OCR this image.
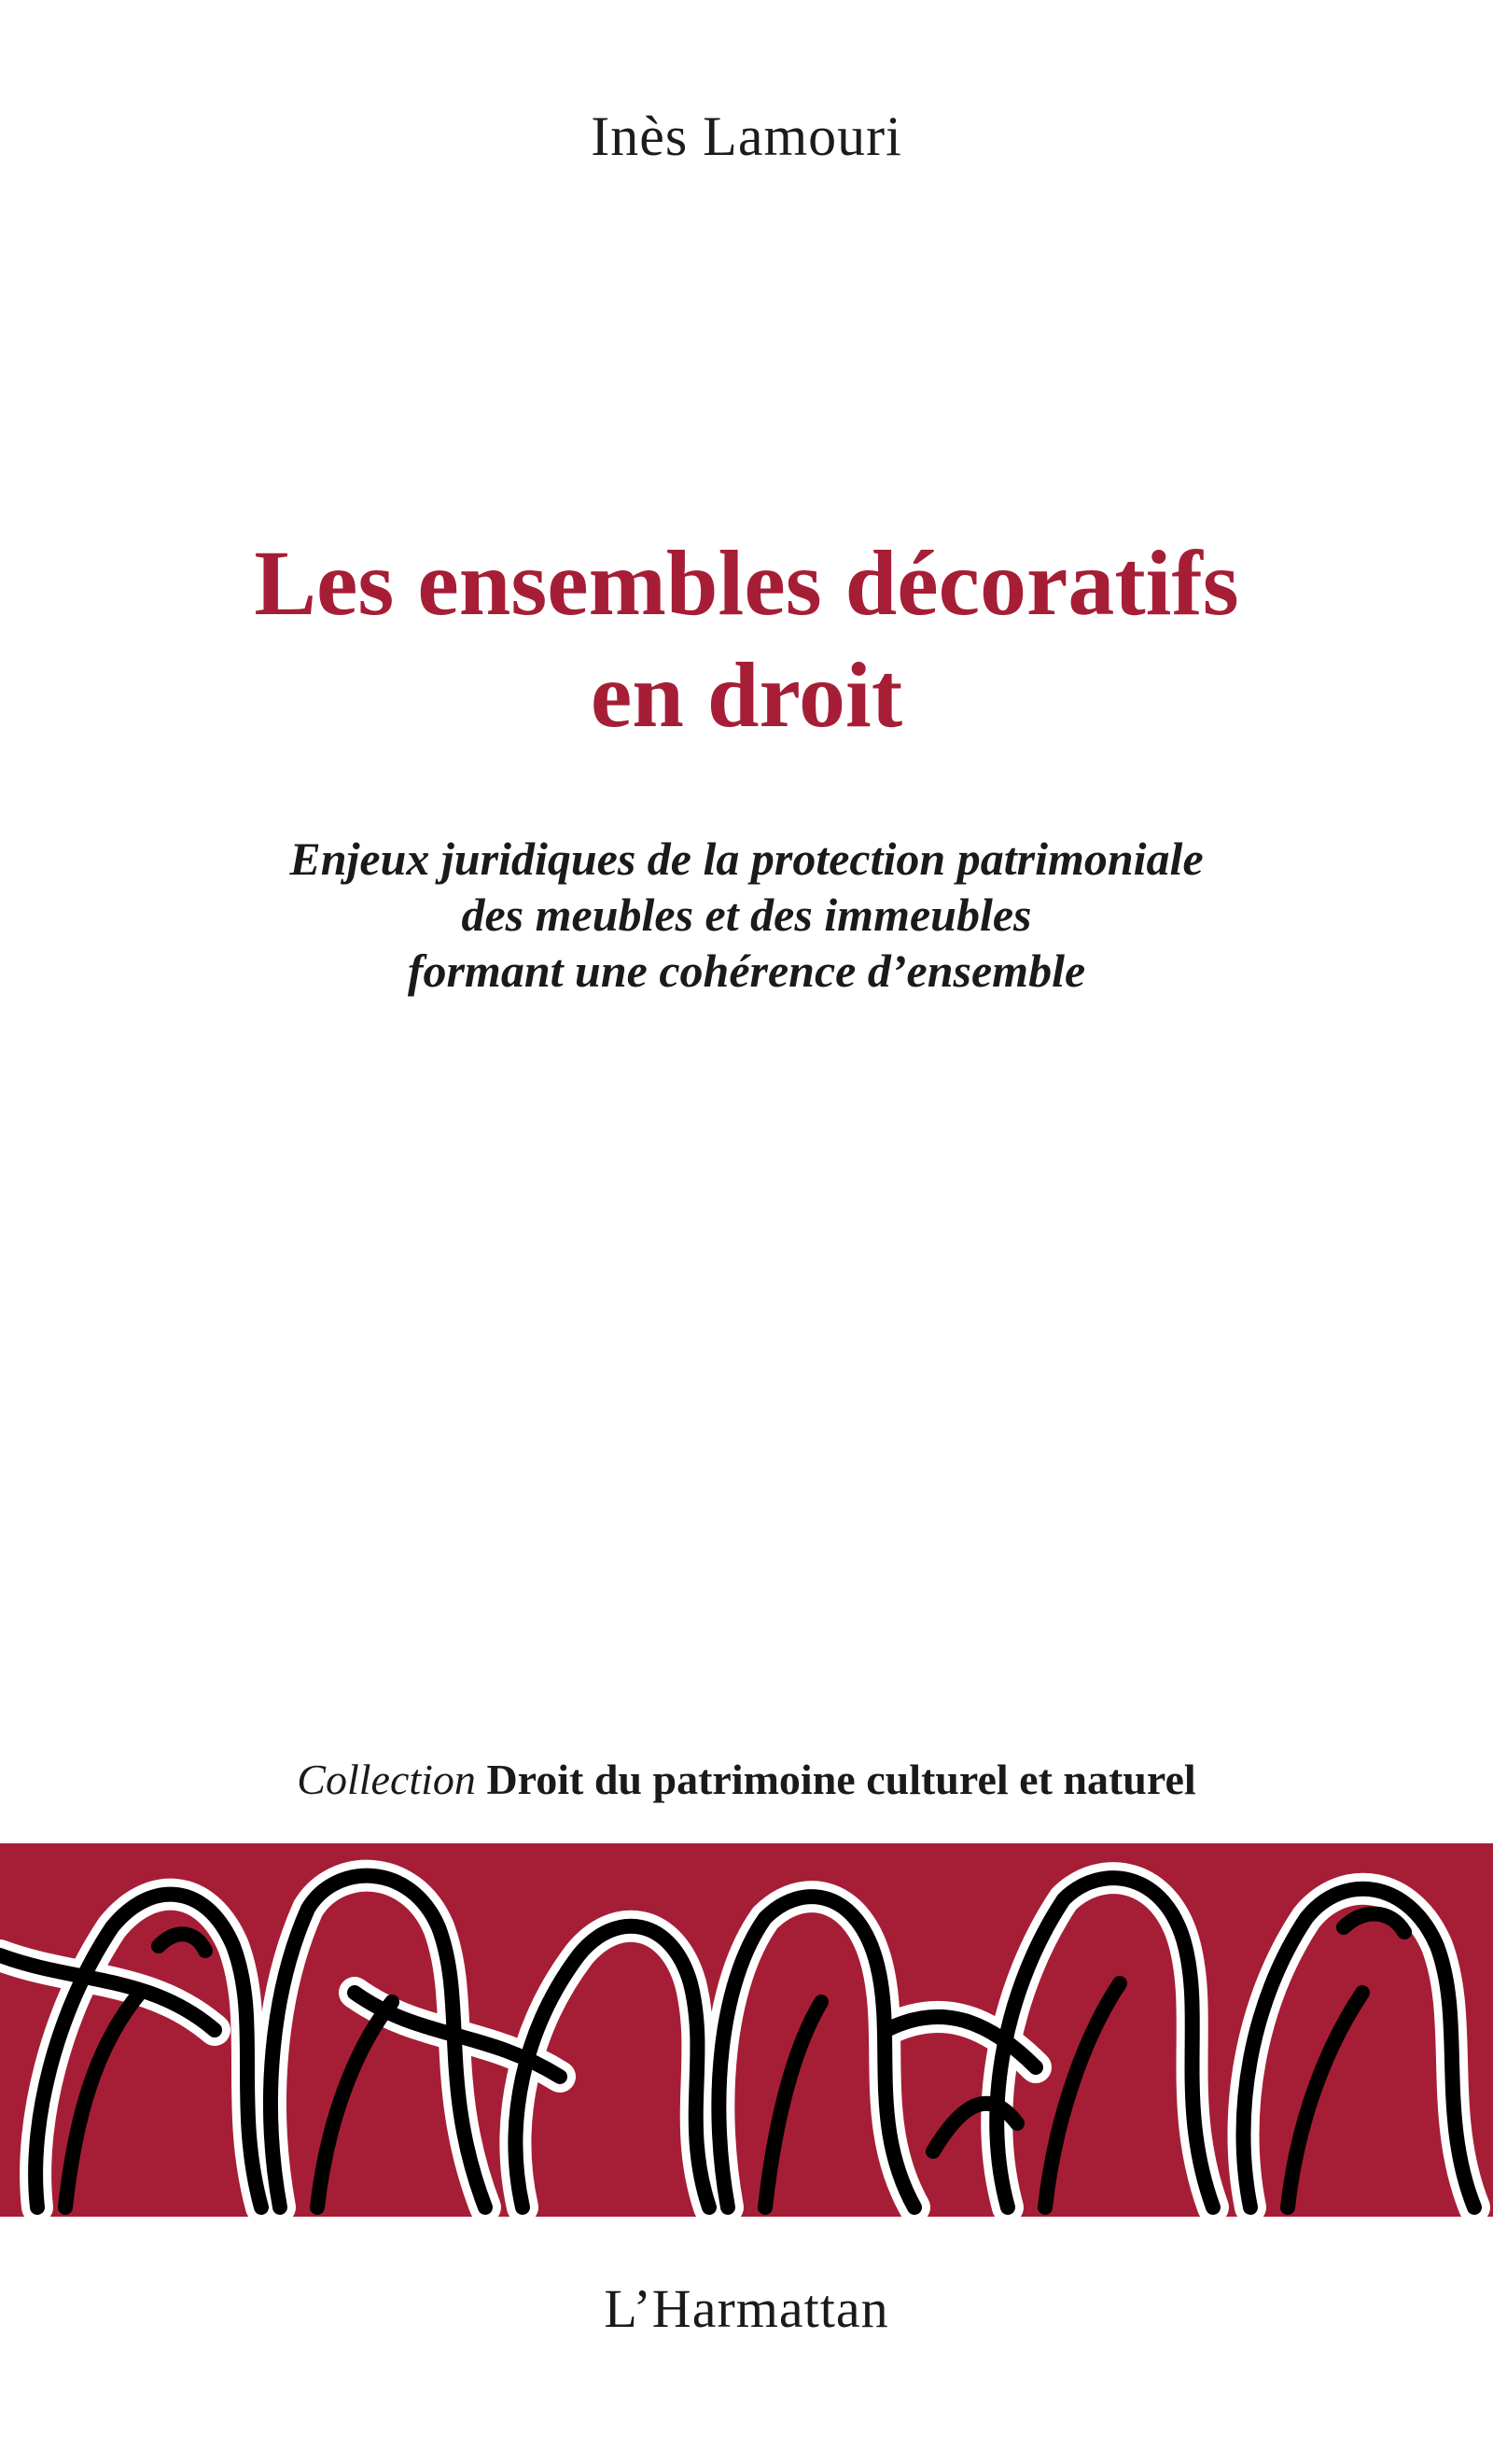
Inès Lamouri
Les ensembles décoratifs
en droit
Enjeux juridiques de la protection patrimoniale
des meubles et des immeubles
formant une cohérence d’ensemble
Collection Droit du patrimoine culturel et naturel
L’Harmattan
